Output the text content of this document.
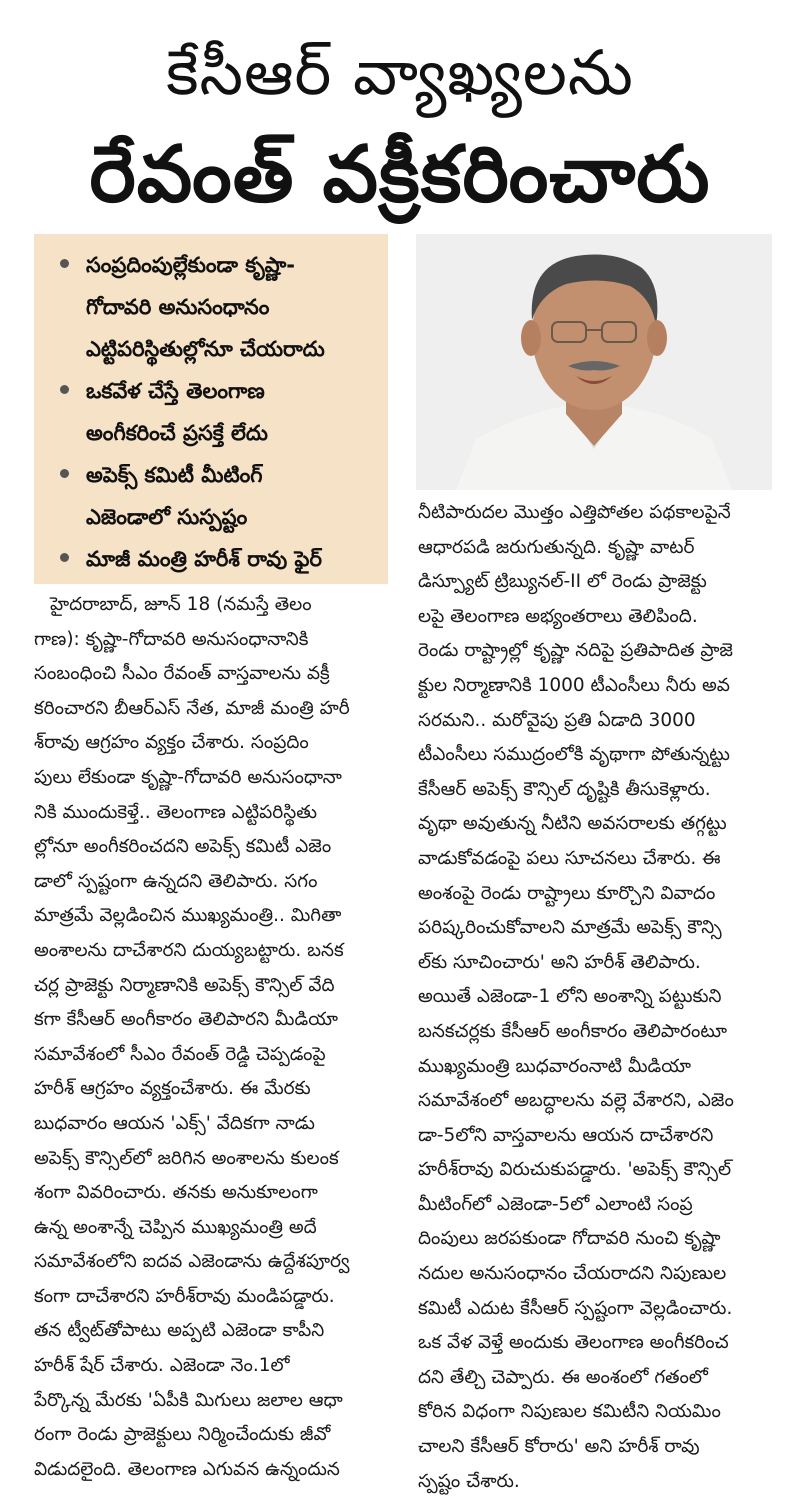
కేసీఆర్ వ్యాఖ్యలను
రేవంత్ వక్రీకరించారు
సంప్రదింపుల్లేకుండా కృష్ణా-
గోదావరి అనుసంధానం
ఎట్టిపరిస్థితుల్లోనూ చేయరాదు
ఒకవేళ చేస్తే తెలంగాణ
అంగీకరించే ప్రసక్తే లేదు
అపెక్స్ కమిటీ మీటింగ్
ఎజెండాలో సుస్పష్టం
మాజీ మంత్రి హరీశ్ రావు ఫైర్
హైదరాబాద్, జూన్ 18 (నమస్తే తెలం
గాణ): కృష్ణా-గోదావరి అనుసంధానానికి
సంబంధించి సీఎం రేవంత్ వాస్తవాలను వక్రీ
కరించారని బీఆర్ఎస్ నేత, మాజీ మంత్రి హరీ
శ్‌రావు ఆగ్రహం వ్యక్తం చేశారు. సంప్రదిం
పులు లేకుండా కృష్ణా-గోదావరి అనుసంధానా
నికి ముందుకెళ్తే.. తెలంగాణ ఎట్టిపరిస్థితు
ల్లోనూ అంగీకరించదని అపెక్స్ కమిటీ ఎజెం
డాలో స్పష్టంగా ఉన్నదని తెలిపారు. సగం
మాత్రమే వెల్లడించిన ముఖ్యమంత్రి.. మిగితా
అంశాలను దాచేశారని దుయ్యబట్టారు. బనక
చర్ల ప్రాజెక్టు నిర్మాణానికి అపెక్స్ కౌన్సిల్ వేది
కగా కేసీఆర్ అంగీకారం తెలిపారని మీడియా
సమావేశంలో సీఎం రేవంత్ రెడ్డి చెప్పడంపై
హరీశ్ ఆగ్రహం వ్యక్తంచేశారు. ఈ మేరకు
బుధవారం ఆయన 'ఎక్స్' వేదికగా నాడు
అపెక్స్ కౌన్సిల్‌లో జరిగిన అంశాలను కులంక
శంగా వివరించారు. తనకు అనుకూలంగా
ఉన్న అంశాన్నే చెప్పిన ముఖ్యమంత్రి అదే
సమావేశంలోని ఐదవ ఎజెండాను ఉద్దేశపూర్వ
కంగా దాచేశారని హరీశ్‌రావు మండిపడ్డారు.
తన ట్వీట్‌తోపాటు అప్పటి ఎజెండా కాపీని
హరీశ్ షేర్ చేశారు. ఎజెండా నెం.1లో
పేర్కొన్న మేరకు 'ఏపీకి మిగులు జలాల ఆధా
రంగా రెండు ప్రాజెక్టులు నిర్మించేందుకు జీవో
విడుదలైంది. తెలంగాణ ఎగువన ఉన్నందున
నీటిపారుదల మొత్తం ఎత్తిపోతల పథకాలపైనే
ఆధారపడి జరుగుతున్నది. కృష్ణా వాటర్
డిస్ప్యూట్ ట్రిబ్యునల్-II లో రెండు ప్రాజెక్టు
లపై తెలంగాణ అభ్యంతరాలు తెలిపింది.
రెండు రాష్ట్రాల్లో కృష్ణా నదిపై ప్రతిపాదిత ప్రాజె
క్టుల నిర్మాణానికి 1000 టీఎంసీలు నీరు అవ
సరమని.. మరోవైపు ప్రతి ఏడాది 3000
టీఎంసీలు సముద్రంలోకి వృథాగా పోతున్నట్టు
కేసీఆర్ అపెక్స్ కౌన్సిల్ దృష్టికి తీసుకెళ్లారు.
వృథా అవుతున్న నీటిని అవసరాలకు తగ్గట్టు
వాడుకోవడంపై పలు సూచనలు చేశారు. ఈ
అంశంపై రెండు రాష్ట్రాలు కూర్చొని వివాదం
పరిష్కరించుకోవాలని మాత్రమే అపెక్స్ కౌన్సి
ల్‌కు సూచించారు' అని హరీశ్ తెలిపారు.
అయితే ఎజెండా-1 లోని అంశాన్ని పట్టుకుని
బనకచర్లకు కేసీఆర్ అంగీకారం తెలిపారంటూ
ముఖ్యమంత్రి బుధవారంనాటి మీడియా
సమావేశంలో అబద్ధాలను వల్లె వేశారని, ఎజెం
డా-5లోని వాస్తవాలను ఆయన దాచేశారని
హరీశ్‌రావు విరుచుకుపడ్డారు. 'అపెక్స్ కౌన్సిల్
మీటింగ్‌లో ఎజెండా-5లో ఎలాంటి సంప్ర
దింపులు జరపకుండా గోదావరి నుంచి కృష్ణా
నదుల అనుసంధానం చేయరాదని నిపుణుల
కమిటీ ఎదుట కేసీఆర్ స్పష్టంగా వెల్లడించారు.
ఒక వేళ వెళ్తే అందుకు తెలంగాణ అంగీకరించ
దని తేల్చి చెప్పారు. ఈ అంశంలో గతంలో
కోరిన విధంగా నిపుణుల కమిటీని నియమిం
చాలని కేసీఆర్ కోరారు' అని హరీశ్ రావు
స్పష్టం చేశారు.
